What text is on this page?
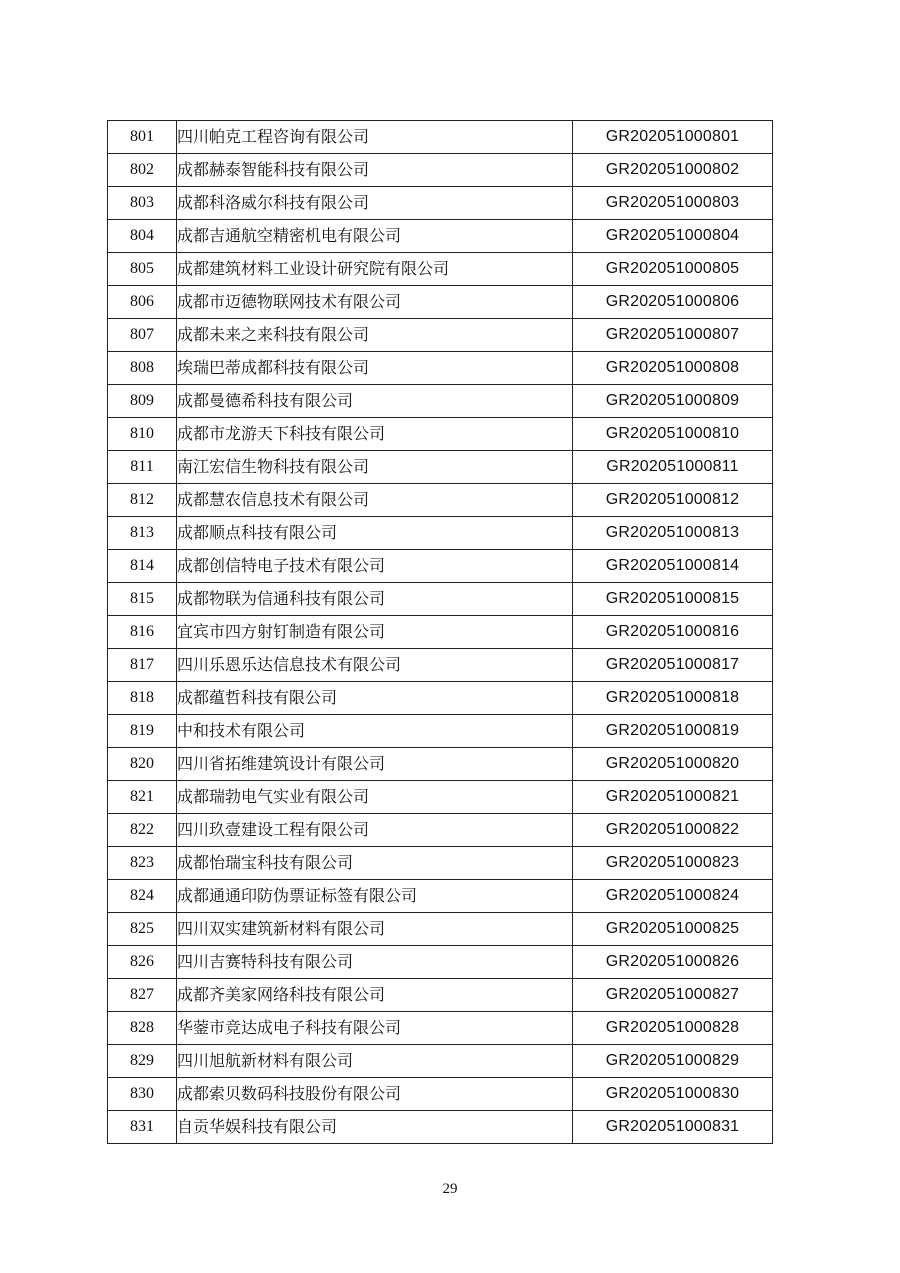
801	四川帕克工程咨询有限公司	GR202051000801
802	成都赫泰智能科技有限公司	GR202051000802
803	成都科洛威尔科技有限公司	GR202051000803
804	成都吉通航空精密机电有限公司	GR202051000804
805	成都建筑材料工业设计研究院有限公司	GR202051000805
806	成都市迈德物联网技术有限公司	GR202051000806
807	成都未来之来科技有限公司	GR202051000807
808	埃瑞巴蒂成都科技有限公司	GR202051000808
809	成都曼德希科技有限公司	GR202051000809
810	成都市龙游天下科技有限公司	GR202051000810
811	南江宏信生物科技有限公司	GR202051000811
812	成都慧农信息技术有限公司	GR202051000812
813	成都顺点科技有限公司	GR202051000813
814	成都创信特电子技术有限公司	GR202051000814
815	成都物联为信通科技有限公司	GR202051000815
816	宜宾市四方射钉制造有限公司	GR202051000816
817	四川乐恩乐达信息技术有限公司	GR202051000817
818	成都蕴哲科技有限公司	GR202051000818
819	中和技术有限公司	GR202051000819
820	四川省拓维建筑设计有限公司	GR202051000820
821	成都瑞勃电气实业有限公司	GR202051000821
822	四川玖壹建设工程有限公司	GR202051000822
823	成都怡瑞宝科技有限公司	GR202051000823
824	成都通通印防伪票证标签有限公司	GR202051000824
825	四川双实建筑新材料有限公司	GR202051000825
826	四川吉赛特科技有限公司	GR202051000826
827	成都齐美家网络科技有限公司	GR202051000827
828	华蓥市竞达成电子科技有限公司	GR202051000828
829	四川旭航新材料有限公司	GR202051000829
830	成都索贝数码科技股份有限公司	GR202051000830
831	自贡华娱科技有限公司	GR202051000831
29
